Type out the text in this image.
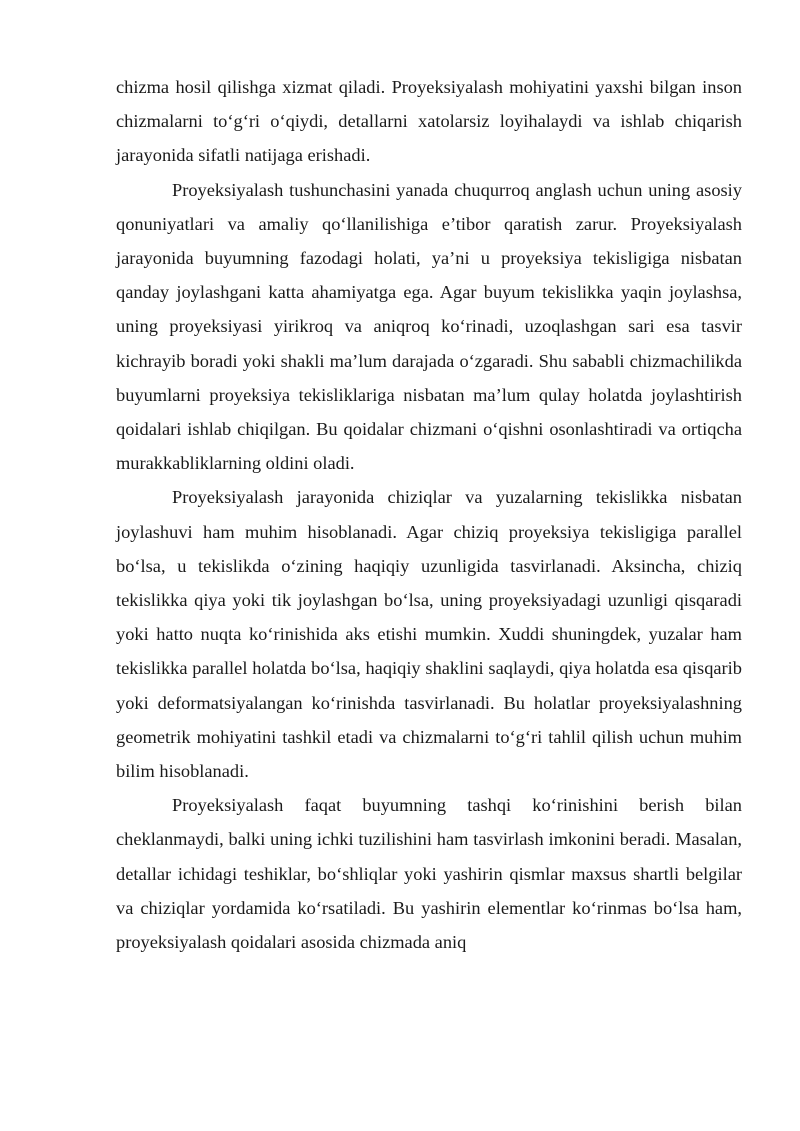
chizma hosil qilishga xizmat qiladi. Proyeksiyalash mohiyatini yaxshi bilgan inson chizmalarni to‘g‘ri o‘qiydi, detallarni xatolarsiz loyihalaydi va ishlab chiqarish jarayonida sifatli natijaga erishadi.

Proyeksiyalash tushunchasini yanada chuqurroq anglash uchun uning asosiy qonuniyatlari va amaliy qo‘llanilishiga e’tibor qaratish zarur. Proyeksiyalash jarayonida buyumning fazodagi holati, ya’ni u proyeksiya tekisligiga nisbatan qanday joylashgani katta ahamiyatga ega. Agar buyum tekislikka yaqin joylashsa, uning proyeksiyasi yirikroq va aniqroq ko‘rinadi, uzoqlashgan sari esa tasvir kichrayib boradi yoki shakli ma’lum darajada o‘zgaradi. Shu sababli chizmachilikda buyumlarni proyeksiya tekisliklariga nisbatan ma’lum qulay holatda joylashtirish qoidalari ishlab chiqilgan. Bu qoidalar chizmani o‘qishni osonlashtiradi va ortiqcha murakkabliklarning oldini oladi.

Proyeksiyalash jarayonida chiziqlar va yuzalarning tekislikka nisbatan joylashuvi ham muhim hisoblanadi. Agar chiziq proyeksiya tekisligiga parallel bo‘lsa, u tekislikda o‘zining haqiqiy uzunligida tasvirlanadi. Aksincha, chiziq tekislikka qiya yoki tik joylashgan bo‘lsa, uning proyeksiyadagi uzunligi qisqaradi yoki hatto nuqta ko‘rinishida aks etishi mumkin. Xuddi shuningdek, yuzalar ham tekislikka parallel holatda bo‘lsa, haqiqiy shaklini saqlaydi, qiya holatda esa qisqarib yoki deformatsiyalangan ko‘rinishda tasvirlanadi. Bu holatlar proyeksiyalashning geometrik mohiyatini tashkil etadi va chizmalarni to‘g‘ri tahlil qilish uchun muhim bilim hisoblanadi.

Proyeksiyalash faqat buyumning tashqi ko‘rinishini berish bilan cheklanmaydi, balki uning ichki tuzilishini ham tasvirlash imkonini beradi. Masalan, detallar ichidagi teshiklar, bo‘shliqlar yoki yashirin qismlar maxsus shartli belgilar va chiziqlar yordamida ko‘rsatiladi. Bu yashirin elementlar ko‘rinmas bo‘lsa ham, proyeksiyalash qoidalari asosida chizmada aniq
